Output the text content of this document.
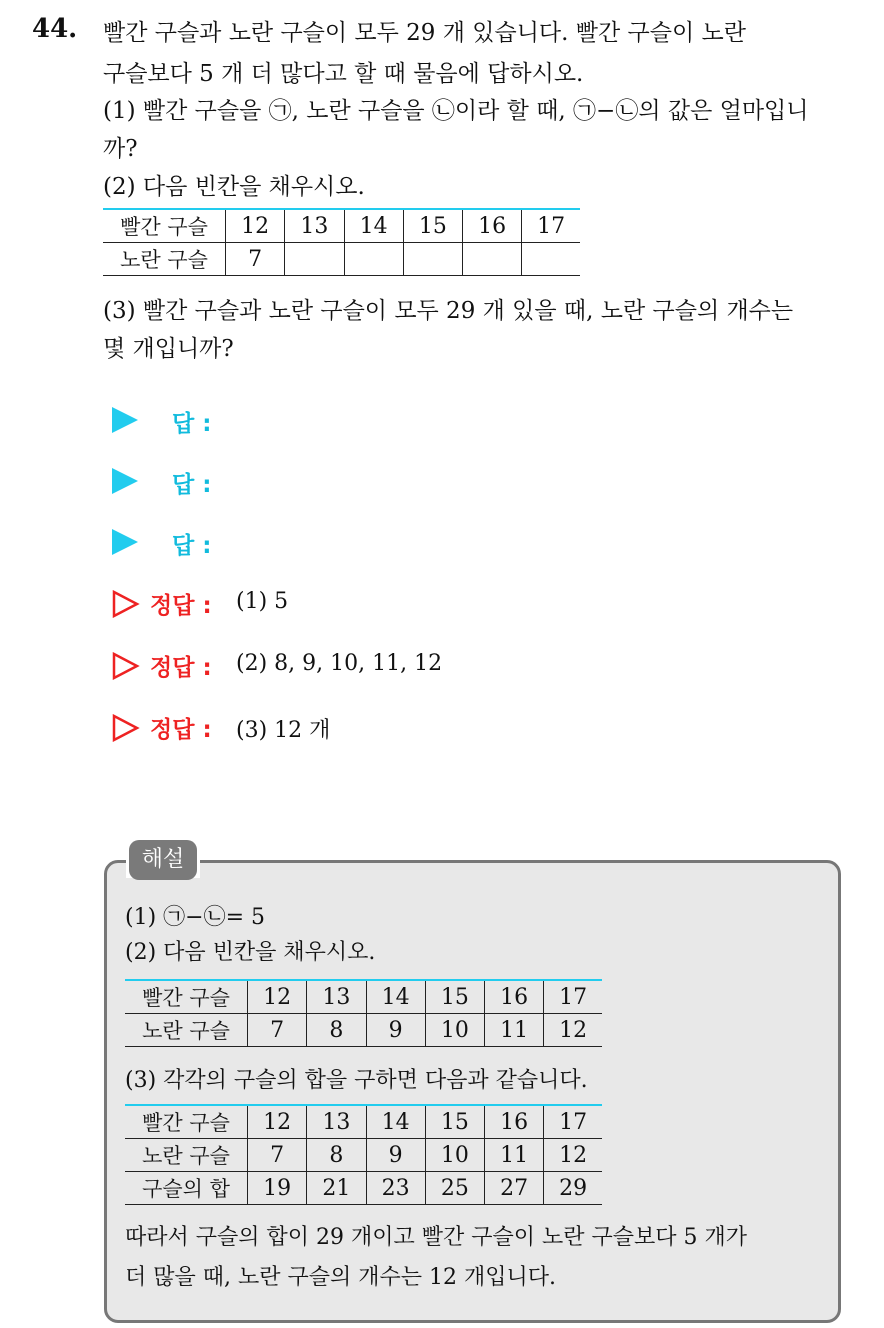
44. 빨간 구슬과 노란 구슬이 모두 29 개 있습니다. 빨간 구슬이 노란
구슬보다 5 개 더 많다고 할 때 물음에 답하시오.
(1) 빨간 구슬을 ㉠, 노란 구슬을 ㉡이라 할 때, ㉠−㉡의 값은 얼마입니
까?
(2) 다음 빈칸을 채우시오.
빨간 구슬	12	13	14	15	16	17
노란 구슬	7					
(3) 빨간 구슬과 노란 구슬이 모두 29 개 있을 때, 노란 구슬의 개수는
몇 개입니까?
답 :
답 :
답 :
정답 : (1) 5
정답 : (2) 8, 9, 10, 11, 12
정답 : (3) 12 개
해설
(1) ㉠−㉡= 5
(2) 다음 빈칸을 채우시오.
빨간 구슬	12	13	14	15	16	17
노란 구슬	7	8	9	10	11	12
(3) 각각의 구슬의 합을 구하면 다음과 같습니다.
빨간 구슬	12	13	14	15	16	17
노란 구슬	7	8	9	10	11	12
구슬의 합	19	21	23	25	27	29
따라서 구슬의 합이 29 개이고 빨간 구슬이 노란 구슬보다 5 개가
더 많을 때, 노란 구슬의 개수는 12 개입니다.
